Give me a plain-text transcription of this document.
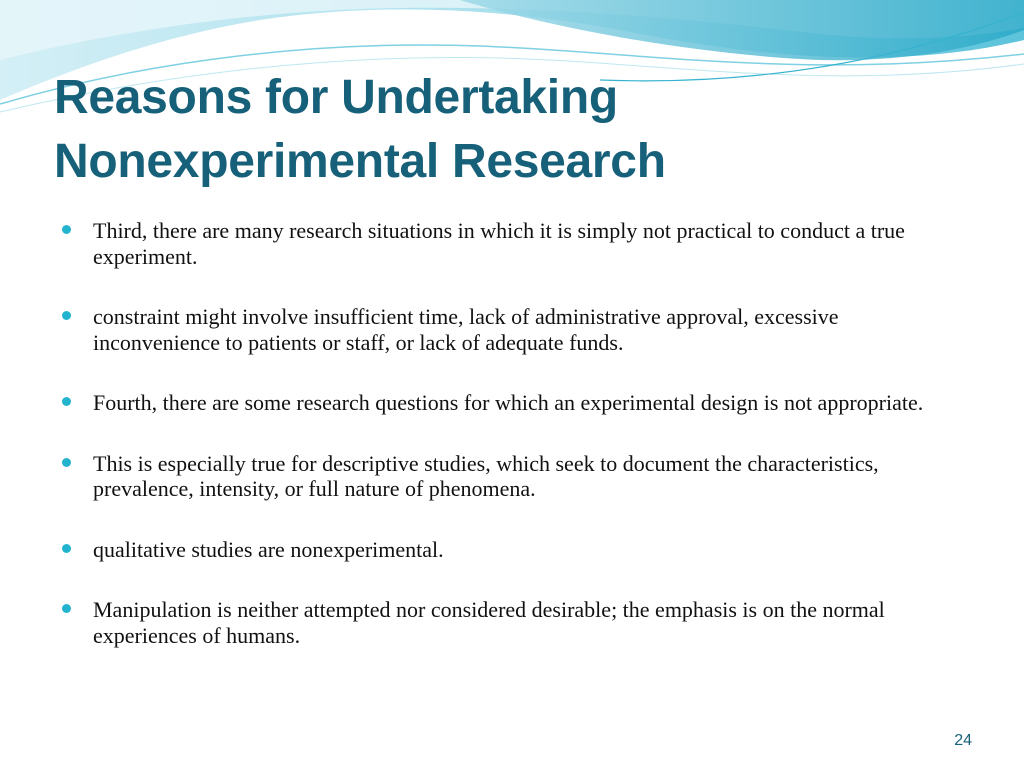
Reasons for Undertaking
Nonexperimental Research
Third, there are many research situations in which it is simply not practical to conduct a true experiment.
constraint might involve insufficient time, lack of administrative approval, excessive inconvenience to patients or staff, or lack of adequate funds.
Fourth, there are some research questions for which an experimental design is not appropriate.
This is especially true for descriptive studies, which seek to document the characteristics, prevalence, intensity, or full nature of phenomena.
qualitative studies are nonexperimental.
Manipulation is neither attempted nor considered desirable; the emphasis is on the normal experiences of humans.
24
